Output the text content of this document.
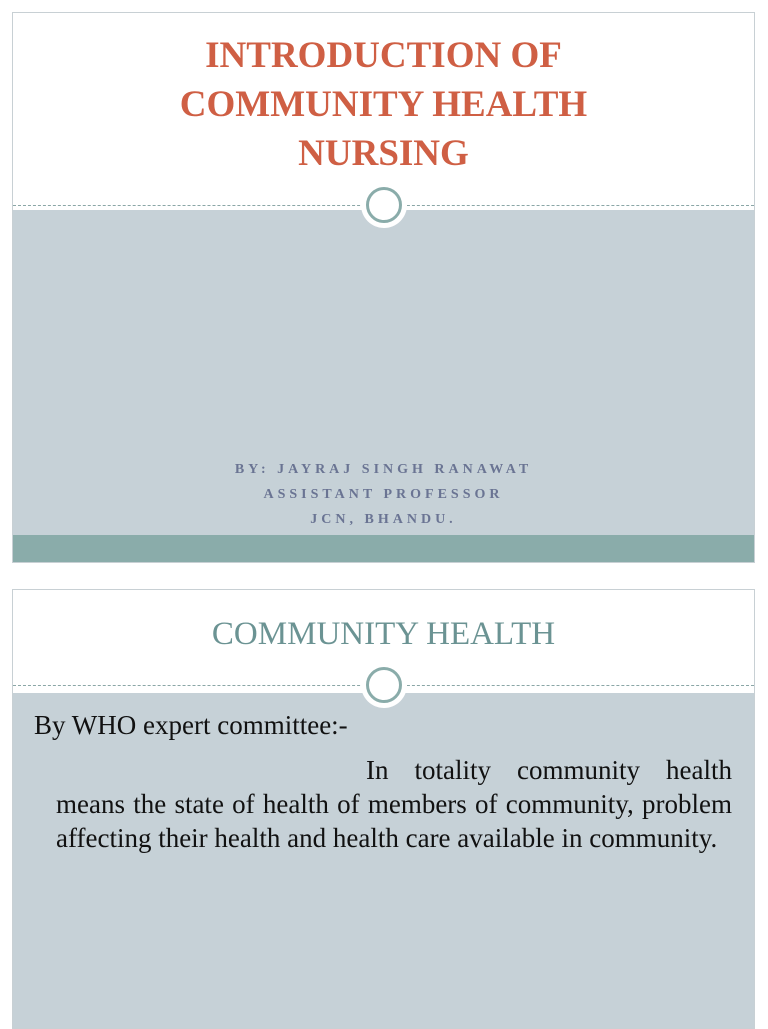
INTRODUCTION OF
COMMUNITY HEALTH
NURSING
BY: JAYRAJ SINGH RANAWAT
ASSISTANT PROFESSOR
JCN, BHANDU.
COMMUNITY HEALTH
By WHO expert committee:-

In totality community health means the state of health of members of community, problem affecting their health and health care available in community.
